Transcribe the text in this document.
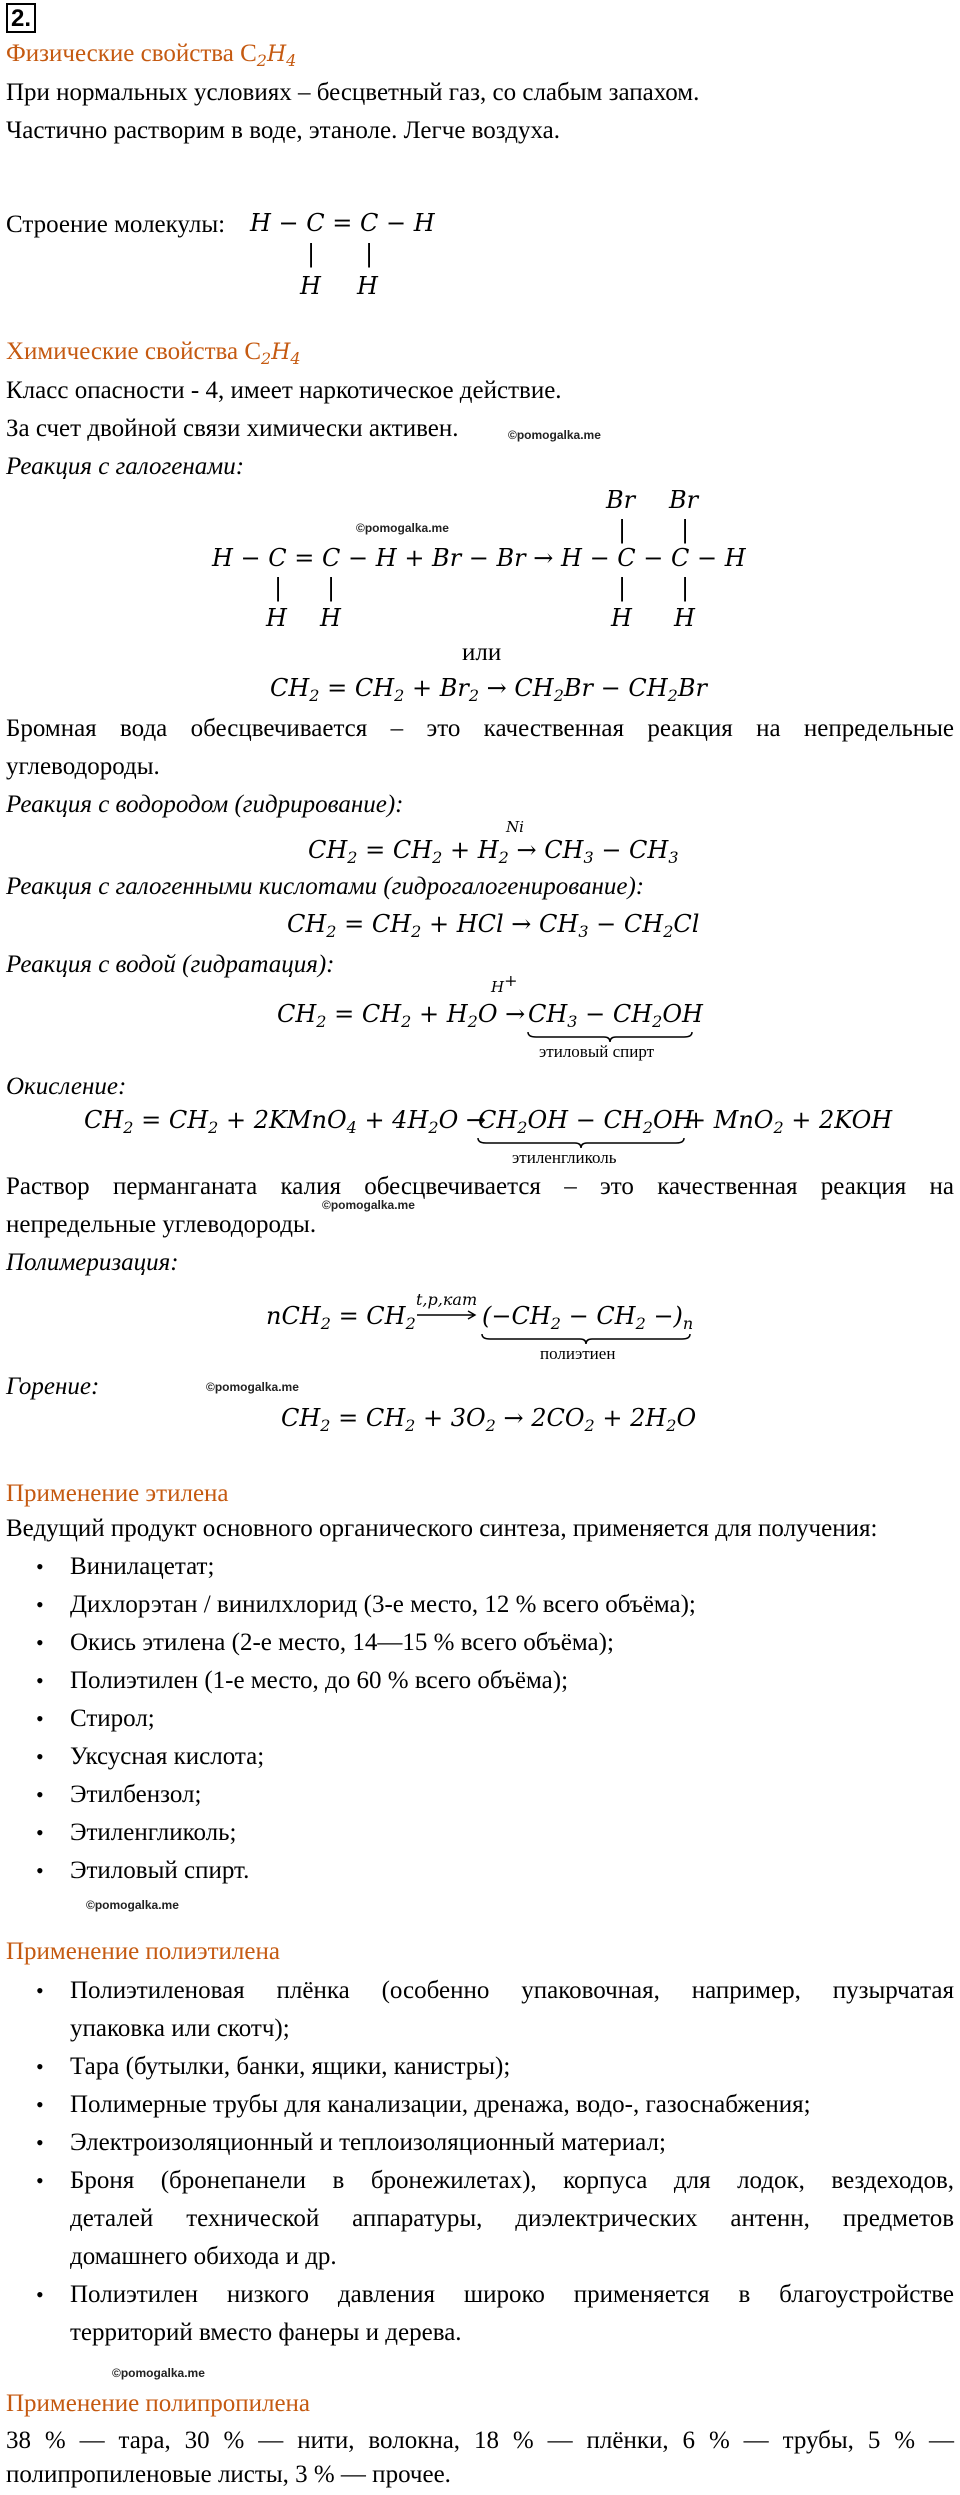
2.
Физические свойства $C_2H_4$
При нормальных условиях – бесцветный газ, со слабым запахом.
Частично растворим в воде, этаноле. Легче воздуха.
Строение молекулы: H − C = C − H
| |
H H
Химические свойства $C_2H_4$
Класс опасности - 4, имеет наркотическое действие.
За счет двойной связи химически активен.	©pomogalka.me
Реакция с галогенами:
Br Br
| |
©pomogalka.me
H − C = C − H + Br − Br → H − C − C − H
| |	| |
H H	H H
или
$CH_2 = CH_2 + Br_2 \to CH_2Br - CH_2Br$
Бромная вода обесцвечивается – это качественная реакция на непредельные
углеводороды.
Реакция с водородом (гидрирование):
Ni
$CH_2 = CH_2 + H_2 \to CH_3 - CH_3$
Реакция с галогенными кислотами (гидрогалогенирование):
$CH_2 = CH_2$ + HCl → $CH_3 - CH_2Cl$
Реакция с водой (гидратация):
H+
$CH_2 = CH_2 + H_2O \to CH_3 - CH_2OH$
этиловый спирт
Окисление:
$CH_2 = CH_2$ + 2KMnO$_4$ + $4H_2O$ →
$CH_2OH - CH_2OH$
+ MnO$_2$ + 2KOH
этиленгликоль
Раствор перманганата калия обесцвечивается – это качественная реакция на
непредельные углеводороды.
©pomogalka.me
Полимеризация:
t,p,кат
$nCH_2 = CH_2$	$(-CH_2 - CH_2 -)_n$
полиэтиен
Горение:	©pomogalka.me
$CH_2 = CH_2 + 3O_2 \to 2CO_2 + 2H_2O$
Применение этилена
Ведущий продукт основного органического синтеза, применяется для получения:
• Винилацетат;
• Дихлорэтан / винилхлорид (3-е место, 12 % всего объёма);
• Окись этилена (2-е место, 14—15 % всего объёма);
• Полиэтилен (1-е место, до 60 % всего объёма);
• Стирол;
• Уксусная кислота;
• Этилбензол;
• Этиленгликоль;
• Этиловый спирт.
©pomogalka.me
Применение полиэтилена
• Полиэтиленовая плёнка (особенно упаковочная, например, пузырчатая
упаковка или скотч);
• Тара (бутылки, банки, ящики, канистры);
• Полимерные трубы для канализации, дренажа, водо-, газоснабжения;
• Электроизоляционный и теплоизоляционный материал;
• Броня (бронепанели в бронежилетах), корпуса для лодок, вездеходов,
деталей технической аппаратуры, диэлектрических антенн, предметов
домашнего обихода и др.
• Полиэтилен низкого давления широко применяется в благоустройстве
территорий вместо фанеры и дерева.
©pomogalka.me
Применение полипропилена
38 % — тара, 30 % — нити, волокна, 18 % — плёнки, 6 % — трубы, 5 % —
полипропиленовые листы, 3 % — прочее.
